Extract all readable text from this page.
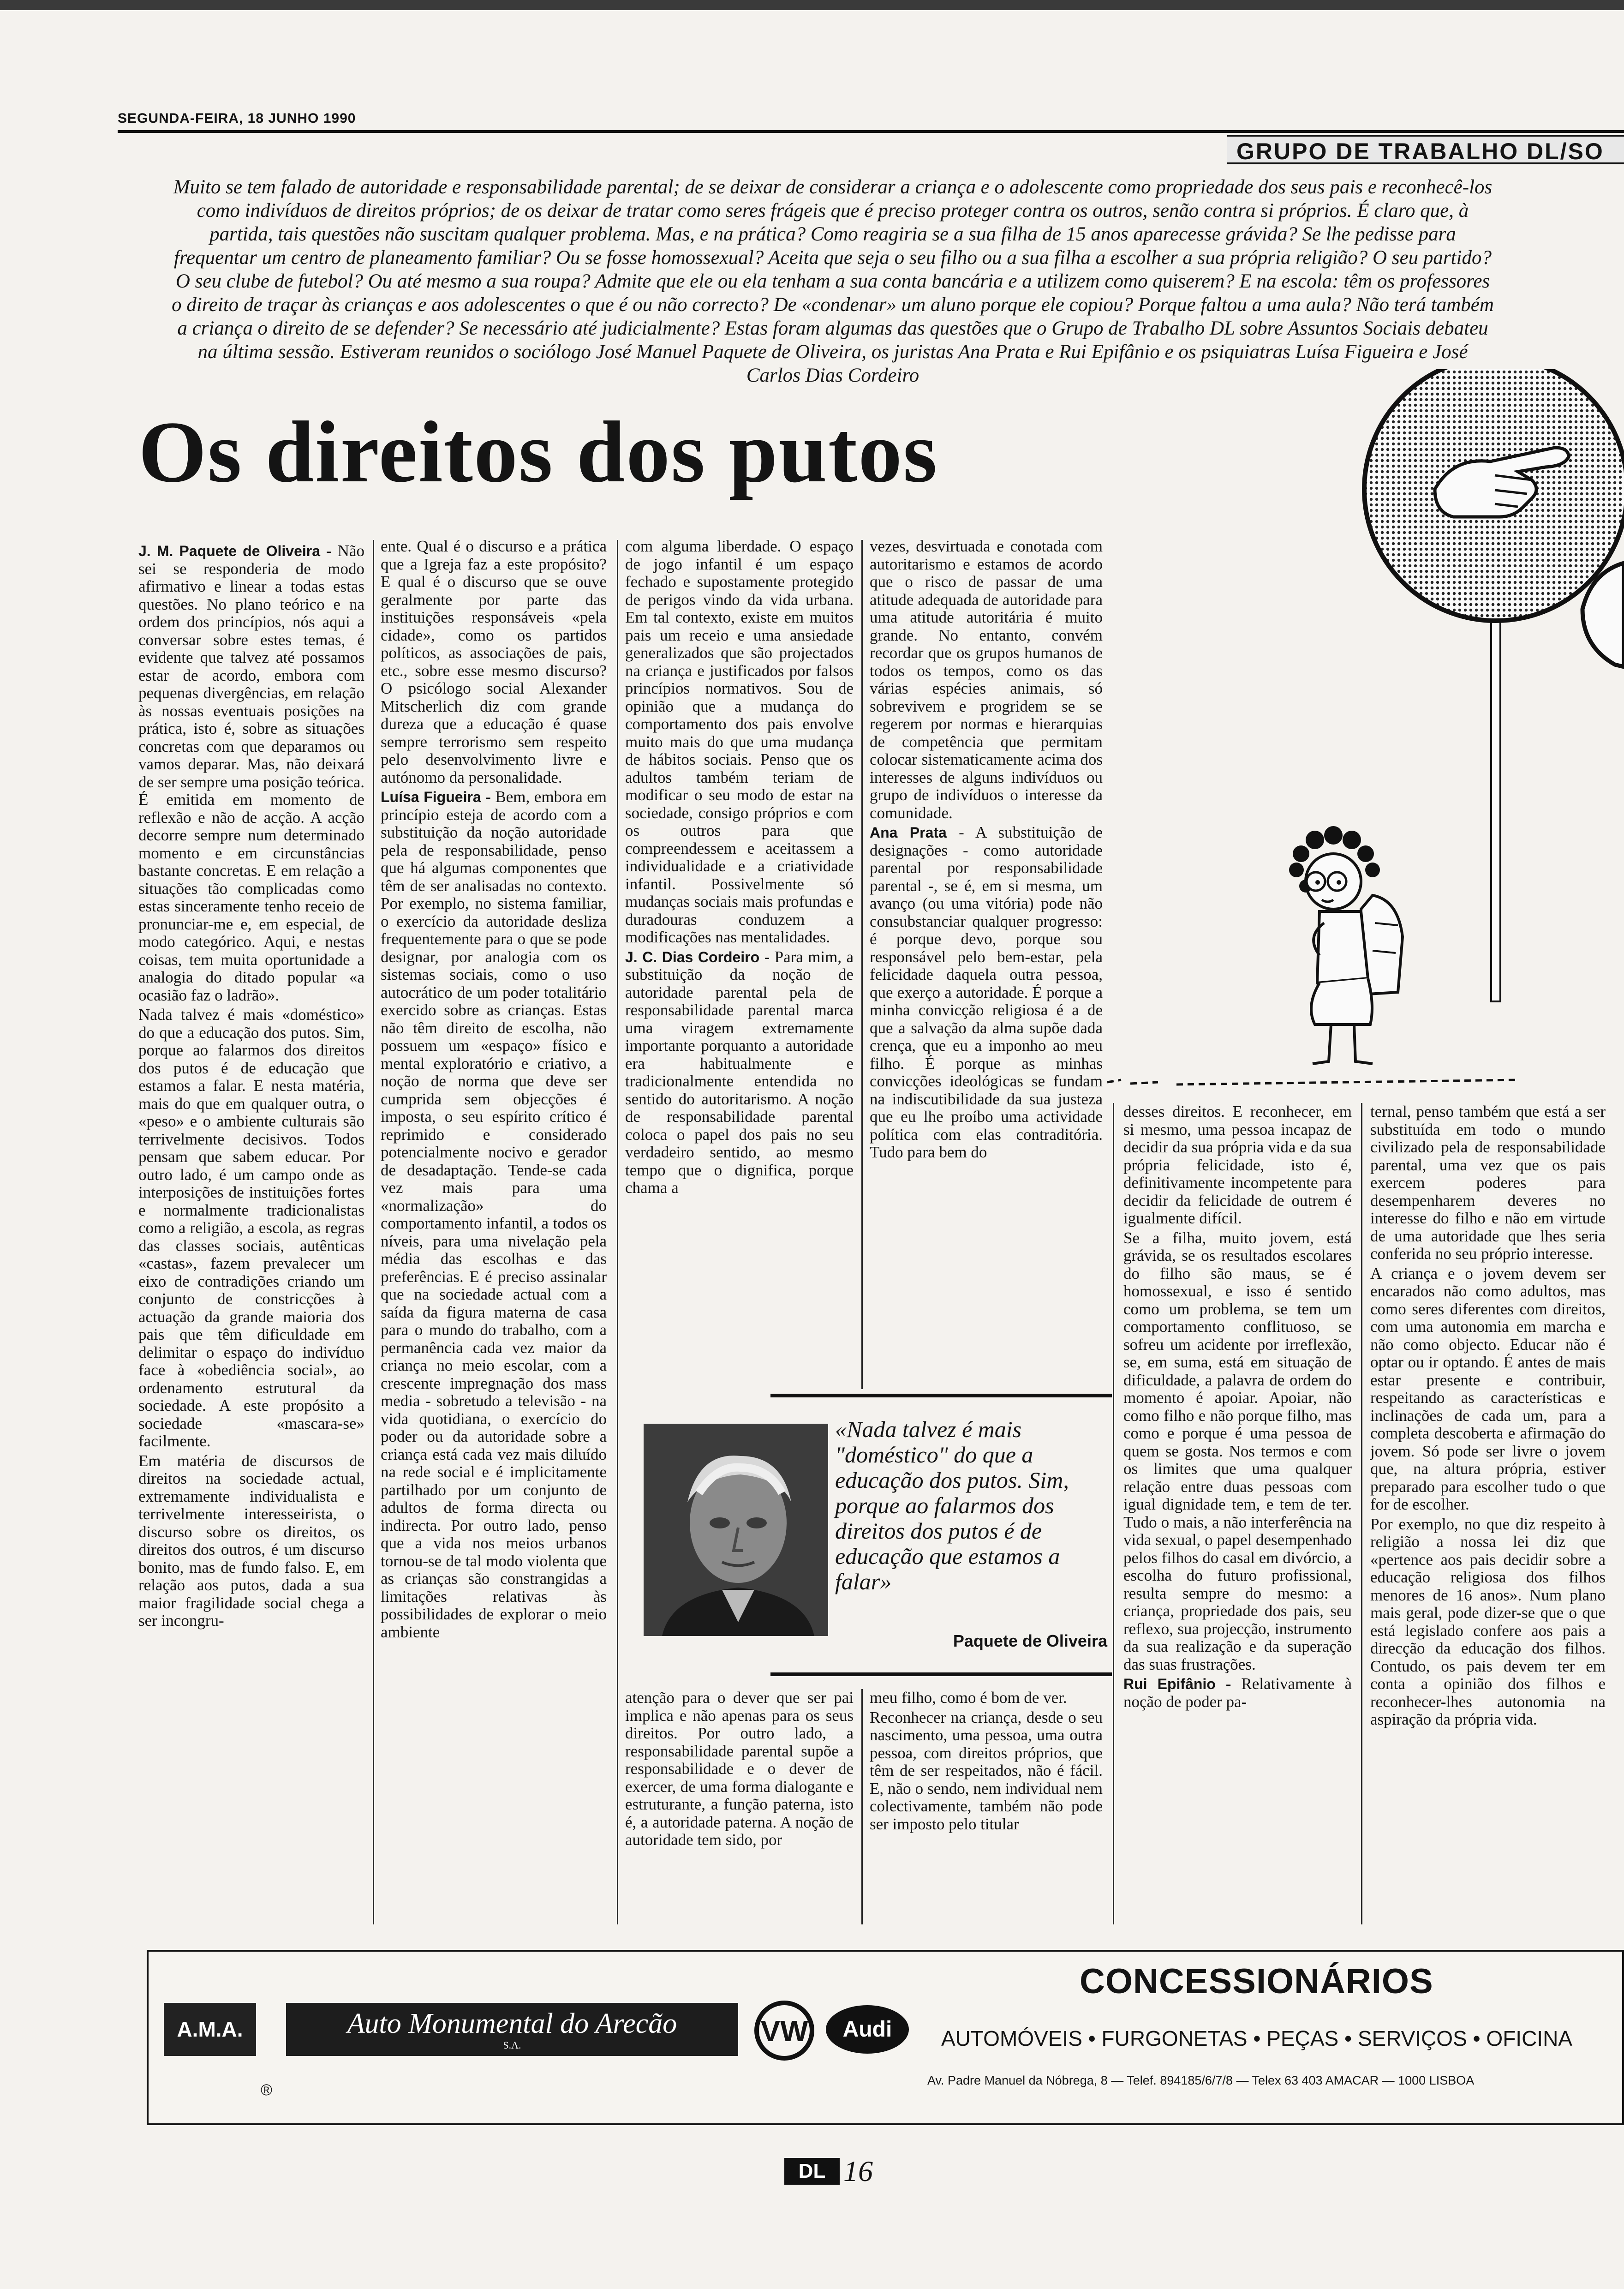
SEGUNDA-FEIRA, 18 JUNHO 1990
GRUPO DE TRABALHO DL/SO
Muito se tem falado de autoridade e responsabilidade parental; de se deixar de considerar a criança e o adolescente como propriedade dos seus pais e reconhecê-los como indivíduos de direitos próprios; de os deixar de tratar como seres frágeis que é preciso proteger contra os outros, senão contra si próprios. É claro que, à partida, tais questões não suscitam qualquer problema. Mas, e na prática? Como reagiria se a sua filha de 15 anos aparecesse grávida? Se lhe pedisse para frequentar um centro de planeamento familiar? Ou se fosse homossexual? Aceita que seja o seu filho ou a sua filha a escolher a sua própria religião? O seu partido? O seu clube de futebol? Ou até mesmo a sua roupa? Admite que ele ou ela tenham a sua conta bancária e a utilizem como quiserem? E na escola: têm os professores o direito de traçar às crianças e aos adolescentes o que é ou não correcto? De «condenar» um aluno porque ele copiou? Porque faltou a uma aula? Não terá também a criança o direito de se defender? Se necessário até judicialmente? Estas foram algumas das questões que o Grupo de Trabalho DL sobre Assuntos Sociais debateu na última sessão. Estiveram reunidos o sociólogo José Manuel Paquete de Oliveira, os juristas Ana Prata e Rui Epifânio e os psiquiatras Luísa Figueira e José Carlos Dias Cordeiro
Os direitos dos putos

J. M. Paquete de Oliveira - Não sei se responderia de modo afirmativo e linear a todas estas questões. No plano teórico e na ordem dos princípios, nós aqui a conversar sobre estes temas, é evidente que talvez até possamos estar de acordo, embora com pequenas divergências, em relação às nossas eventuais posições na prática, isto é, sobre as situações concretas com que deparamos ou vamos deparar. Mas, não deixará de ser sempre uma posição teórica. É emitida em momento de reflexão e não de acção. A acção decorre sempre num determinado momento e em circunstâncias bastante concretas. E em relação a situações tão complicadas como estas sinceramente tenho receio de pronunciar-me e, em especial, de modo categórico. Aqui, e nestas coisas, tem muita oportunidade a analogia do ditado popular «a ocasião faz o ladrão».

Nada talvez é mais «doméstico» do que a educação dos putos. Sim, porque ao falarmos dos direitos dos putos é de educação que estamos a falar. E nesta matéria, mais do que em qualquer outra, o «peso» e o ambiente culturais são terrivelmente decisivos. Todos pensam que sabem educar. Por outro lado, é um campo onde as interposições de instituições fortes e normalmente tradicionalistas como a religião, a escola, as regras das classes sociais, autênticas «castas», fazem prevalecer um eixo de contradições criando um conjunto de constricções à actuação da grande maioria dos pais que têm dificuldade em delimitar o espaço do indivíduo face à «obediência social», ao ordenamento estrutural da sociedade. A este propósito a sociedade «mascara-se» facilmente.

Em matéria de discursos de direitos na sociedade actual, extremamente individualista e terrivelmente interesseirista, o discurso sobre os direitos, os direitos dos outros, é um discurso bonito, mas de fundo falso. E, em relação aos putos, dada a sua maior fragilidade social chega a ser incongru-

ente. Qual é o discurso e a prática que a Igreja faz a este propósito? E qual é o discurso que se ouve geralmente por parte das instituições responsáveis «pela cidade», como os partidos políticos, as associações de pais, etc., sobre esse mesmo discurso? O psicólogo social Alexander Mitscherlich diz com grande dureza que a educação é quase sempre terrorismo sem respeito pelo desenvolvimento livre e autónomo da personalidade.

Luísa Figueira - Bem, embora em princípio esteja de acordo com a substituição da noção autoridade pela de responsabilidade, penso que há algumas componentes que têm de ser analisadas no contexto. Por exemplo, no sistema familiar, o exercício da autoridade desliza frequentemente para o que se pode designar, por analogia com os sistemas sociais, como o uso autocrático de um poder totalitário exercido sobre as crianças. Estas não têm direito de escolha, não possuem um «espaço» físico e mental exploratório e criativo, a noção de norma que deve ser cumprida sem objecções é imposta, o seu espírito crítico é reprimido e considerado potencialmente nocivo e gerador de desadaptação. Tende-se cada vez mais para uma «normalização» do comportamento infantil, a todos os níveis, para uma nivelação pela média das escolhas e das preferências. E é preciso assinalar que na sociedade actual com a saída da figura materna de casa para o mundo do trabalho, com a permanência cada vez maior da criança no meio escolar, com a crescente impregnação dos mass media - sobretudo a televisão - na vida quotidiana, o exercício do poder ou da autoridade sobre a criança está cada vez mais diluído na rede social e é implicitamente partilhado por um conjunto de adultos de forma directa ou indirecta. Por outro lado, penso que a vida nos meios urbanos tornou-se de tal modo violenta que as crianças são constrangidas a limitações relativas às possibilidades de explorar o meio ambiente

com alguma liberdade. O espaço de jogo infantil é um espaço fechado e supostamente protegido de perigos vindo da vida urbana. Em tal contexto, existe em muitos pais um receio e uma ansiedade generalizados que são projectados na criança e justificados por falsos princípios normativos. Sou de opinião que a mudança do comportamento dos pais envolve muito mais do que uma mudança de hábitos sociais. Penso que os adultos também teriam de modificar o seu modo de estar na sociedade, consigo próprios e com os outros para que compreendessem e aceitassem a individualidade e a criatividade infantil. Possivelmente só mudanças sociais mais profundas e duradouras conduzem a modificações nas mentalidades.

J. C. Dias Cordeiro - Para mim, a substituição da noção de autoridade parental pela de responsabilidade parental marca uma viragem extremamente importante porquanto a autoridade era habitualmente e tradicionalmente entendida no sentido do autoritarismo. A noção de responsabilidade parental coloca o papel dos pais no seu verdadeiro sentido, ao mesmo tempo que o dignifica, porque chama a

vezes, desvirtuada e conotada com autoritarismo e estamos de acordo que o risco de passar de uma atitude adequada de autoridade para uma atitude autoritária é muito grande. No entanto, convém recordar que os grupos humanos de todos os tempos, como os das várias espécies animais, só sobrevivem e progridem se se regerem por normas e hierarquias de competência que permitam colocar sistematicamente acima dos interesses de alguns indivíduos ou grupo de indivíduos o interesse da comunidade.

Ana Prata - A substituição de designações - como autoridade parental por responsabilidade parental -, se é, em si mesma, um avanço (ou uma vitória) pode não consubstanciar qualquer progresso: é porque devo, porque sou responsável pelo bem-estar, pela felicidade daquela outra pessoa, que exerço a autoridade. É porque a minha convicção religiosa é a de que a salvação da alma supõe dada crença, que eu a imponho ao meu filho. É porque as minhas convicções ideológicas se fundam na indiscutibilidade da sua justeza que eu lhe proíbo uma actividade política com elas contraditória. Tudo para bem do

«Nada talvez é mais "doméstico" do que a educação dos putos. Sim, porque ao falarmos dos direitos dos putos é de educação que estamos a falar»
Paquete de Oliveira

atenção para o dever que ser pai implica e não apenas para os seus direitos. Por outro lado, a responsabilidade parental supõe a responsabilidade e o dever de exercer, de uma forma dialogante e estruturante, a função paterna, isto é, a autoridade paterna. A noção de autoridade tem sido, por

meu filho, como é bom de ver.

Reconhecer na criança, desde o seu nascimento, uma pessoa, uma outra pessoa, com direitos próprios, que têm de ser respeitados, não é fácil. E, não o sendo, nem individual nem colectivamente, também não pode ser imposto pelo titular

desses direitos. E reconhecer, em si mesmo, uma pessoa incapaz de decidir da sua própria vida e da sua própria felicidade, isto é, definitivamente incompetente para decidir da felicidade de outrem é igualmente difícil.

Se a filha, muito jovem, está grávida, se os resultados escolares do filho são maus, se é homossexual, e isso é sentido como um problema, se tem um comportamento conflituoso, se sofreu um acidente por irreflexão, se, em suma, está em situação de dificuldade, a palavra de ordem do momento é apoiar. Apoiar, não como filho e não porque filho, mas como e porque é uma pessoa de quem se gosta. Nos termos e com os limites que uma qualquer relação entre duas pessoas com igual dignidade tem, e tem de ter. Tudo o mais, a não interferência na vida sexual, o papel desempenhado pelos filhos do casal em divórcio, a escolha do futuro profissional, resulta sempre do mesmo: a criança, propriedade dos pais, seu reflexo, sua projecção, instrumento da sua realização e da superação das suas frustrações.

Rui Epifânio - Relativamente à noção de poder pa-

ternal, penso também que está a ser substituída em todo o mundo civilizado pela de responsabilidade parental, uma vez que os pais exercem poderes para desempenharem deveres no interesse do filho e não em virtude de uma autoridade que lhes seria conferida no seu próprio interesse.

A criança e o jovem devem ser encarados não como adultos, mas como seres diferentes com direitos, com uma autonomia em marcha e não como objecto. Educar não é optar ou ir optando. É antes de mais estar presente e contribuir, respeitando as características e inclinações de cada um, para a completa descoberta e afirmação do jovem. Só pode ser livre o jovem que, na altura própria, estiver preparado para escolher tudo o que for de escolher.

Por exemplo, no que diz respeito à religião a nossa lei diz que «pertence aos pais decidir sobre a educação religiosa dos filhos menores de 16 anos». Num plano mais geral, pode dizer-se que o que está legislado confere aos pais a direcção da educação dos filhos. Contudo, os pais devem ter em conta a opinião dos filhos e reconhecer-lhes autonomia na aspiração da própria vida.

A.M.A.
®
Auto Monumental do Arecão
S.A.	VW	Audi
CONCESSIONÁRIOS
AUTOMÓVEIS • FURGONETAS • PEÇAS • SERVIÇOS • OFICINA
Av. Padre Manuel da Nóbrega, 8 — Telef. 894185/6/7/8 — Telex 63 403 AMACAR — 1000 LISBOA
DL 16
